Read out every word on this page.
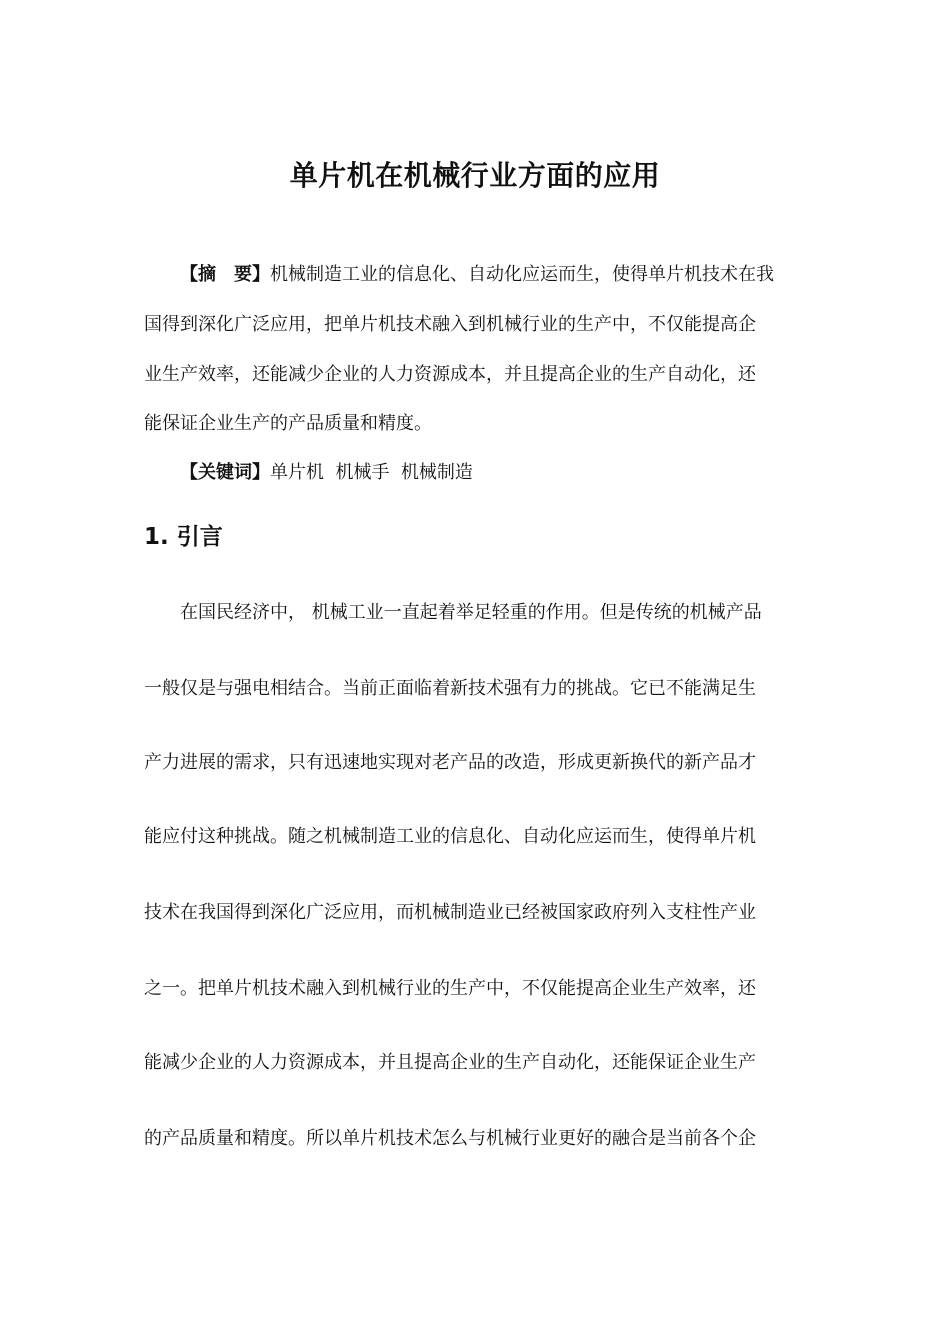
单片机在机械行业方面的应用
【摘　要】机械制造工业的信息化、自动化应运而生，使得单片机技术在我
国得到深化广泛应用，把单片机技术融入到机械行业的生产中，不仅能提高企
业生产效率，还能减少企业的人力资源成本，并且提高企业的生产自动化，还
能保证企业生产的产品质量和精度。
【关键词】单片机  机械手  机械制造
1. 引言
在国民经济中， 机械工业一直起着举足轻重的作用。但是传统的机械产品
一般仅是与强电相结合。当前正面临着新技术强有力的挑战。它已不能满足生
产力进展的需求，只有迅速地实现对老产品的改造，形成更新换代的新产品才
能应付这种挑战。随之机械制造工业的信息化、自动化应运而生，使得单片机
技术在我国得到深化广泛应用，而机械制造业已经被国家政府列入支柱性产业
之一。把单片机技术融入到机械行业的生产中，不仅能提高企业生产效率，还
能减少企业的人力资源成本，并且提高企业的生产自动化，还能保证企业生产
的产品质量和精度。所以单片机技术怎么与机械行业更好的融合是当前各个企
